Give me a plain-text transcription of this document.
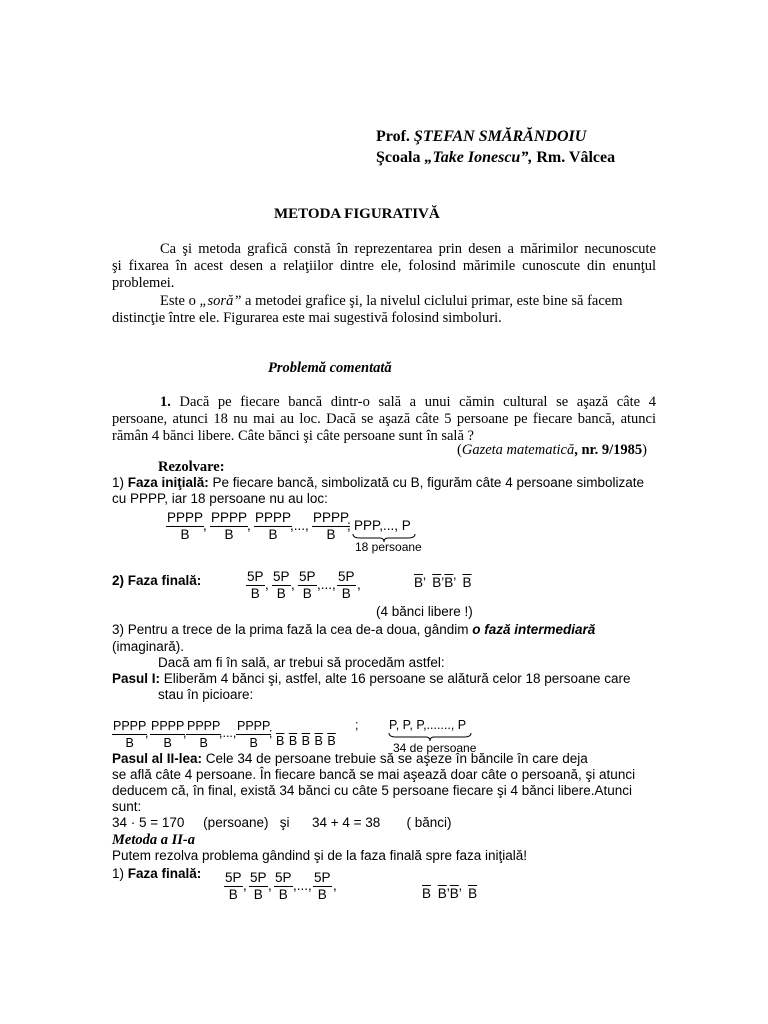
Prof. ŞTEFAN SMĂRĂNDOIU
Şcoala „Take Ionescu”, Rm. Vâlcea
METODA FIGURATIVĂ
Ca şi metoda grafică constă în reprezentarea prin desen a mărimilor necunoscute
şi fixarea în acest desen a relaţiilor dintre ele, folosind mărimile cunoscute din enunţul
problemei.
Este o „soră” a metodei grafice şi, la nivelul ciclului primar, este bine să facem
distincţie între ele. Figurarea este mai sugestivă folosind simboluri.
Problemă comentată
1. Dacă pe fiecare bancă dintr-o sală a unui cămin cultural se aşază câte 4
persoane, atunci 18 nu mai au loc. Dacă se aşază câte 5 persoane pe fiecare bancă, atunci
rămân 4 bănci libere. Câte bănci şi câte persoane sunt în sală ?
(Gazeta matematică, nr. 9/1985)
Rezolvare:
1) Faza iniţială: Pe fiecare bancă, simbolizată cu B, figurăm câte 4 persoane simbolizate
cu PPPP, iar 18 persoane nu au loc:
PPPP
B
,
PPPP
B
,
PPPP
B
,...,
PPPP
B
; PPP,..., P
18 persoane
2) Faza finală:	$\frac{5P}{B}$ , $\frac{5P}{B}$ , $\frac{5P}{B}$ ,..., $\frac{5P}{B}$ ,	$\overline{B}$’ $\overline{B}’\overline{B}$’ $\overline{B}$
(4 bănci libere !)
3) Pentru a trece de la prima fază la cea de-a doua, gândim o fază intermediară
(imaginară).
Dacă am fi în sală, ar trebui să procedăm astfel:
Pasul I: Eliberăm 4 bănci şi, astfel, alte 16 persoane se alătură celor 18 persoane care
stau în picioare:
PPPP
B
, PPPP
B
, PPPP
B
,..., PPPP
B
;
$\overline{B}$ $\overline{B}$ $\overline{B}$ $\overline{B}$ $\overline{B}$
; P, P, P,......., P
34 de persoane
Pasul al II-lea: Cele 34 de persoane trebuie să se aşeze în băncile în care deja
se află câte 4 persoane. În fiecare bancă se mai aşează doar câte o persoană, şi atunci
deducem că, în final, există 34 bănci cu câte 5 persoane fiecare şi 4 bănci libere.Atunci
sunt:
34 · 5 = 170     (persoane)   şi      34 + 4 = 38       ( bănci)
Metoda a II-a
Putem rezolva problema gândind şi de la faza finală spre faza iniţială!
1) Faza finală: $\frac{5P}{B}$ , $\frac{5P}{B}$ , $\frac{5P}{B}$ ,..., $\frac{5P}{B}$ ,
$\overline{B}$ $\overline{B}’\overline{B}$’ $\overline{B}$
